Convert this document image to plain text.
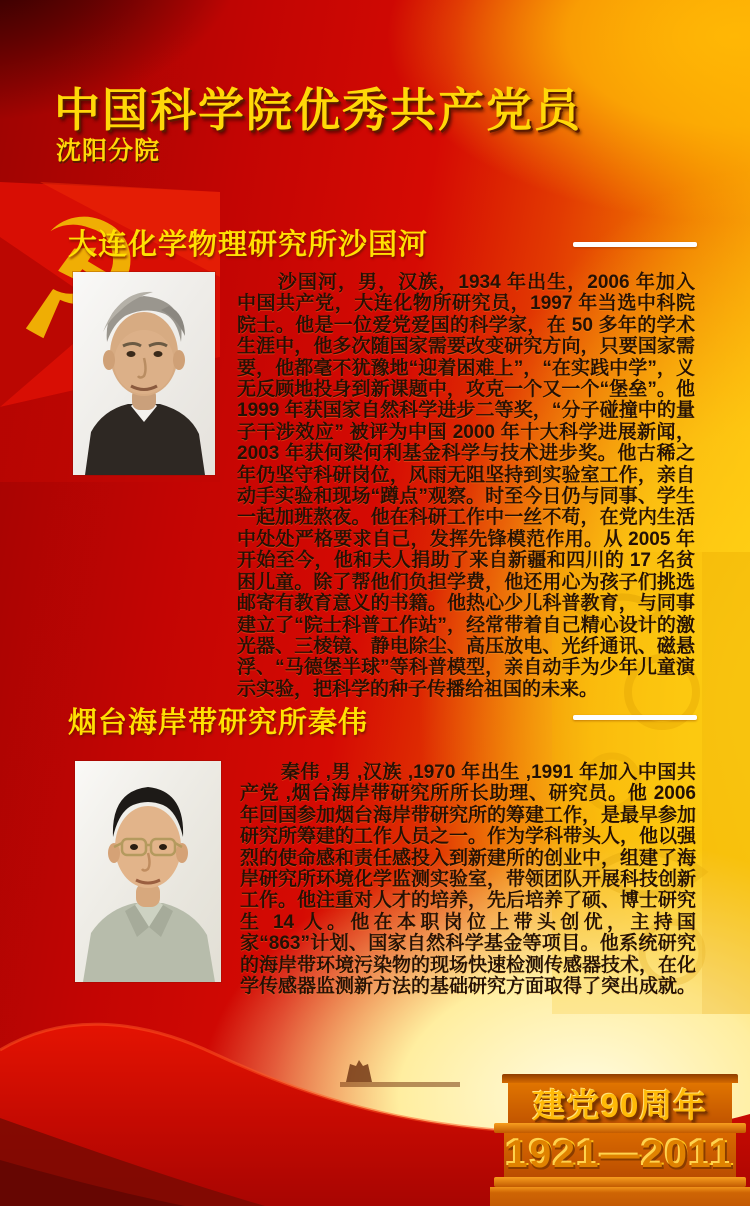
中国科学院优秀共产党员
沈阳分院
大连化学物理研究所沙国河

沙国河，男，汉族，1934 年出生，2006 年加入中国共产党，大连化物所研究员，1997 年当选中科院院士。他是一位爱党爱国的科学家，在 50 多年的学术生涯中，他多次随国家需要改变研究方向，只要国家需要，他都毫不犹豫地“迎着困难上”，“在实践中学”，义无反顾地投身到新课题中，攻克一个又一个“堡垒”。他 1999 年获国家自然科学进步二等奖，“分子碰撞中的量子干涉效应” 被评为中国 2000 年十大科学进展新闻，2003 年获何梁何利基金科学与技术进步奖。他古稀之年仍坚守科研岗位，风雨无阻坚持到实验室工作，亲自动手实验和现场“蹲点”观察。时至今日仍与同事、学生一起加班熬夜。他在科研工作中一丝不苟，在党内生活中处处严格要求自己，发挥先锋模范作用。从 2005 年开始至今，他和夫人捐助了来自新疆和四川的 17 名贫困儿童。除了帮他们负担学费，他还用心为孩子们挑选邮寄有教育意义的书籍。他热心少儿科普教育，与同事建立了“院士科普工作站”，经常带着自己精心设计的激光器、三棱镜、静电除尘、高压放电、光纤通讯、磁悬浮、“马德堡半球”等科普模型，亲自动手为少年儿童演示实验，把科学的种子传播给祖国的未来。

烟台海岸带研究所秦伟

秦伟 ,男 ,汉族 ,1970 年出生 ,1991 年加入中国共产党 ,烟台海岸带研究所所长助理、研究员。他 2006 年回国参加烟台海岸带研究所的筹建工作，是最早参加研究所筹建的工作人员之一。作为学科带头人，他以强烈的使命感和责任感投入到新建所的创业中，组建了海岸研究所环境化学监测实验室，带领团队开展科技创新工作。他注重对人才的培养，先后培养了硕、博士研究生 14 人。他在本职岗位上带头创优，主持国家“863”计划、国家自然科学基金等项目。他系统研究的海岸带环境污染物的现场快速检测传感器技术，在化学传感器监测新方法的基础研究方面取得了突出成就。

建党90周年
1921—2011
